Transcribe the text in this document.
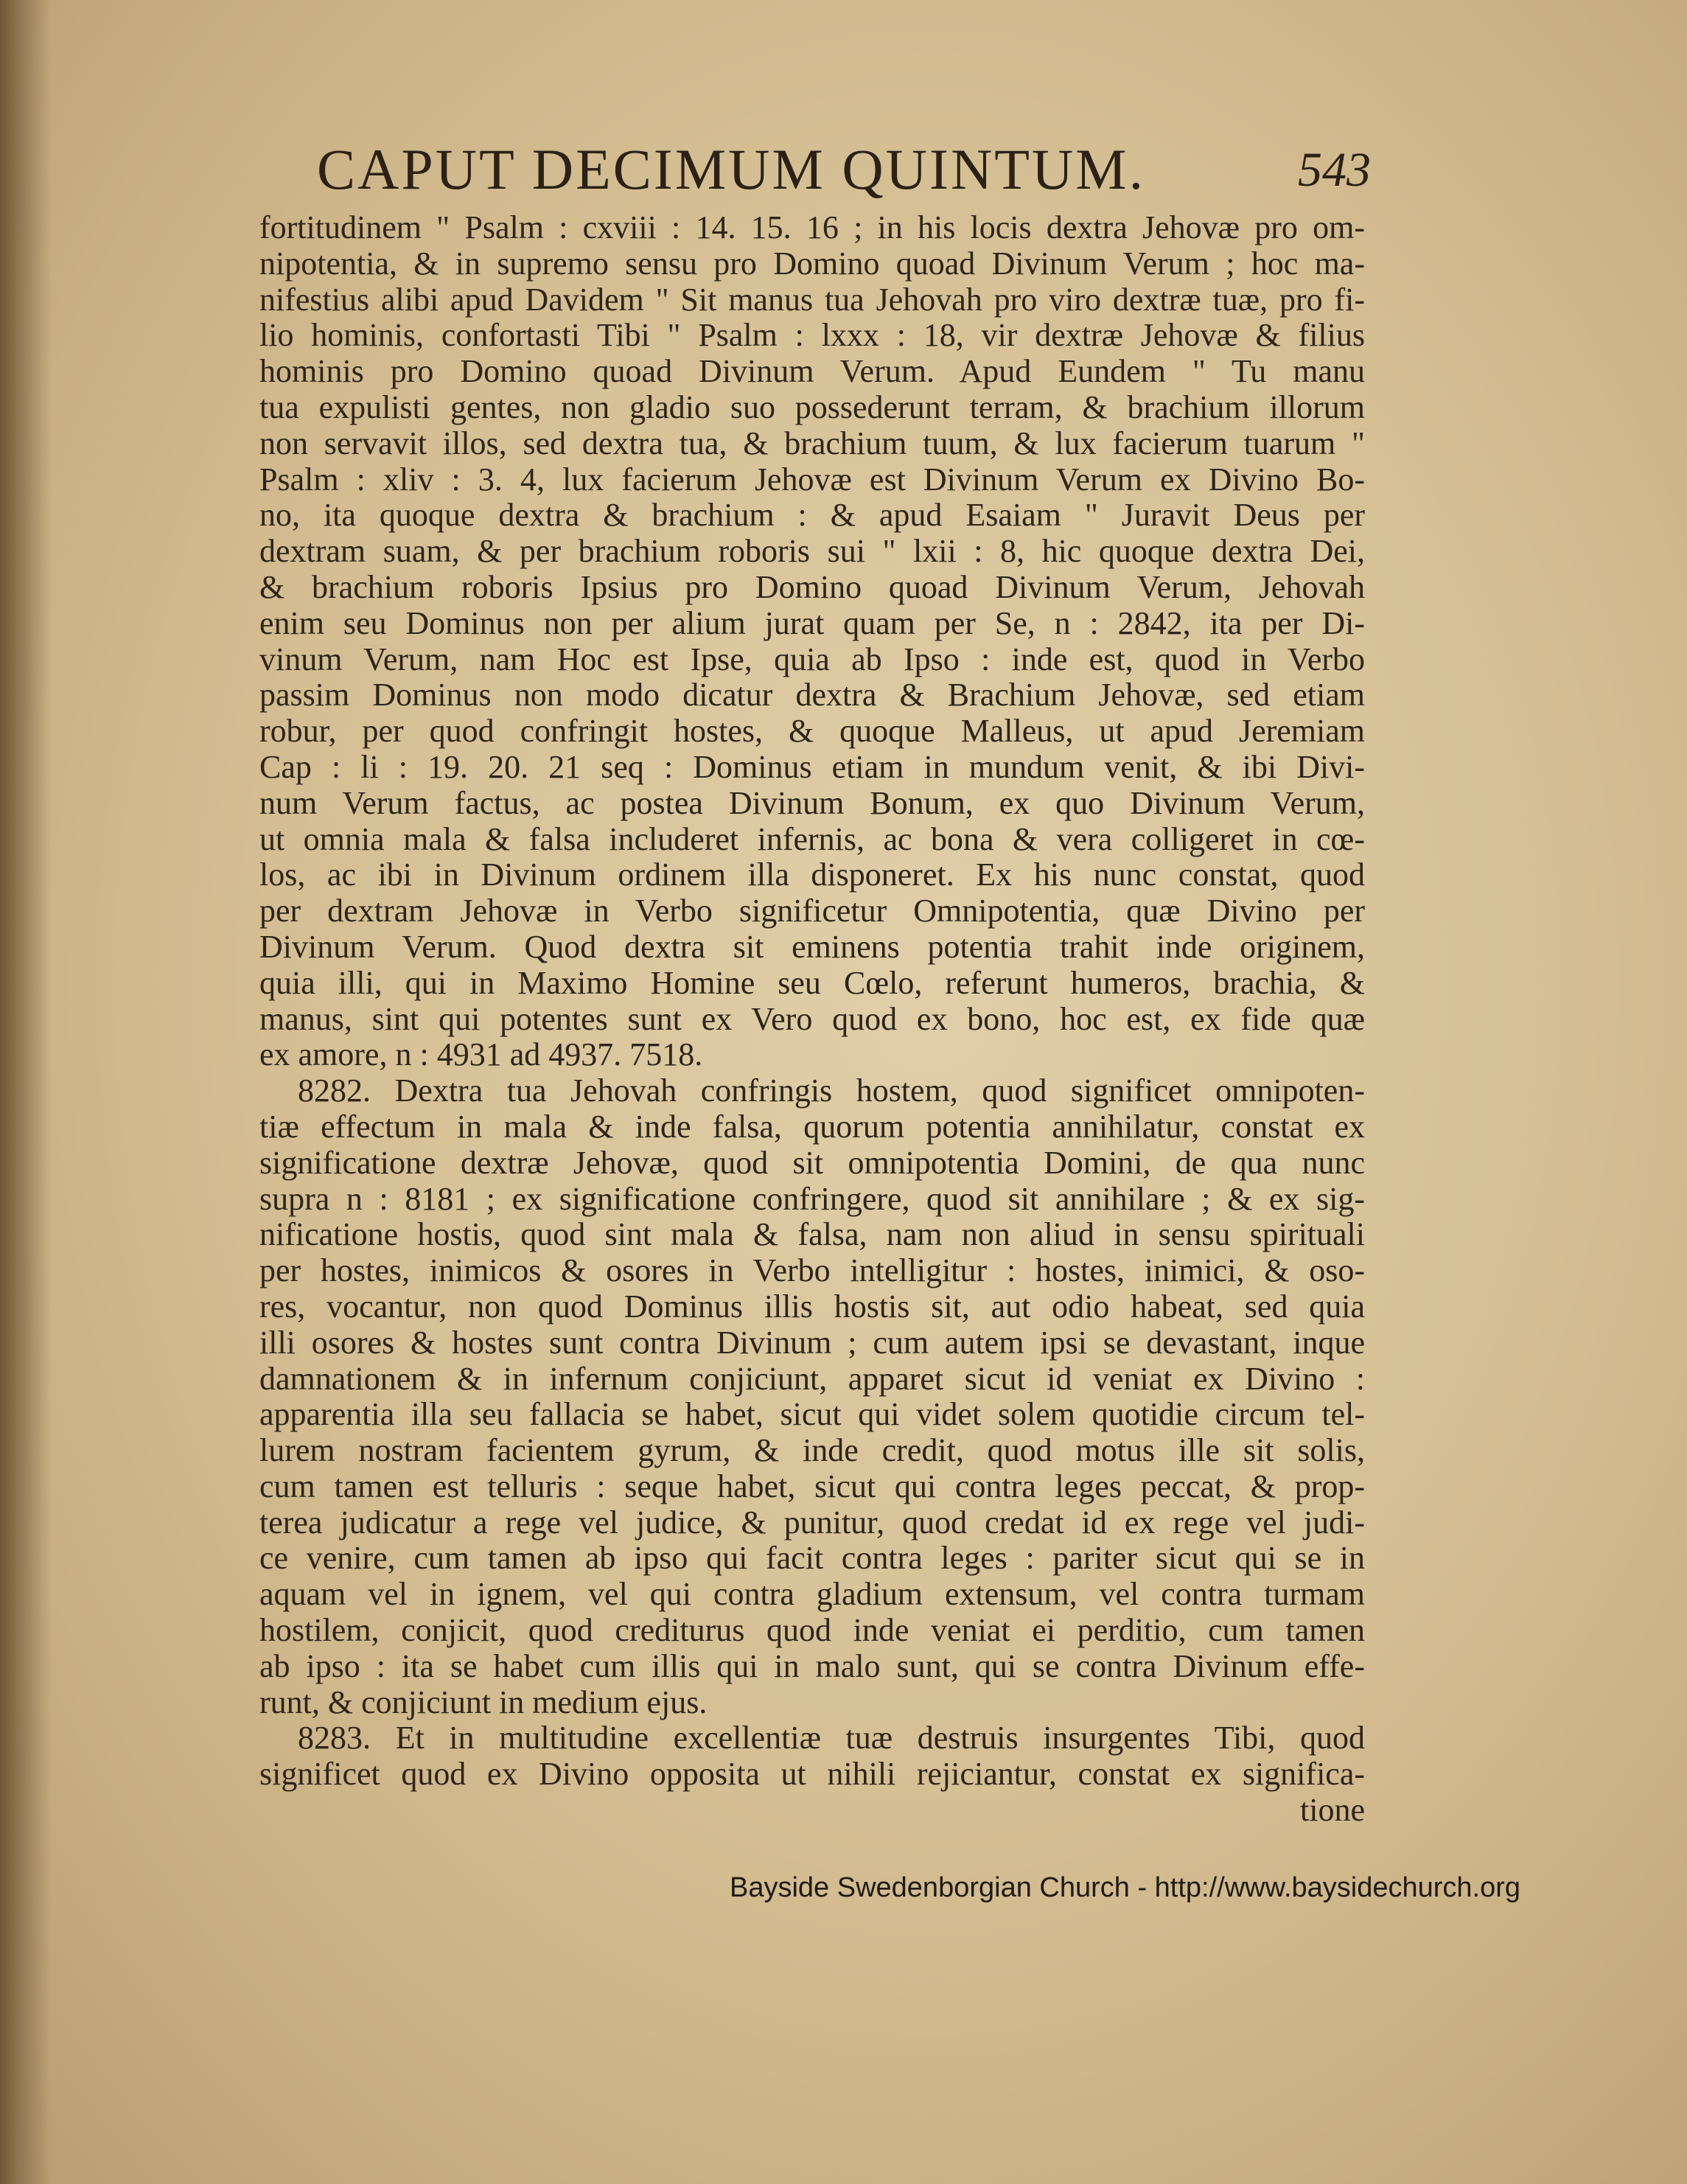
CAPUT DECIMUM QUINTUM.	543
fortitudinem " Psalm : cxviii : 14. 15. 16 ; in his locis dextra Jehovæ pro om-
nipotentia, & in supremo sensu pro Domino quoad Divinum Verum ; hoc ma-
nifestius alibi apud Davidem " Sit manus tua Jehovah pro viro dextræ tuæ, pro fi-
lio hominis, confortasti Tibi " Psalm : lxxx : 18, vir dextræ Jehovæ & filius
hominis pro Domino quoad Divinum Verum. Apud Eundem " Tu manu
tua expulisti gentes, non gladio suo possederunt terram, & brachium illorum
non servavit illos, sed dextra tua, & brachium tuum, & lux facierum tuarum "
Psalm : xliv : 3. 4, lux facierum Jehovæ est Divinum Verum ex Divino Bo-
no, ita quoque dextra & brachium : & apud Esaiam " Juravit Deus per
dextram suam, & per brachium roboris sui " lxii : 8, hic quoque dextra Dei,
& brachium roboris Ipsius pro Domino quoad Divinum Verum, Jehovah
enim seu Dominus non per alium jurat quam per Se, n : 2842, ita per Di-
vinum Verum, nam Hoc est Ipse, quia ab Ipso : inde est, quod in Verbo
passim Dominus non modo dicatur dextra & Brachium Jehovæ, sed etiam
robur, per quod confringit hostes, & quoque Malleus, ut apud Jeremiam
Cap : li : 19. 20. 21 seq : Dominus etiam in mundum venit, & ibi Divi-
num Verum factus, ac postea Divinum Bonum, ex quo Divinum Verum,
ut omnia mala & falsa includeret infernis, ac bona & vera colligeret in cœ-
los, ac ibi in Divinum ordinem illa disponeret. Ex his nunc constat, quod
per dextram Jehovæ in Verbo significetur Omnipotentia, quæ Divino per
Divinum Verum. Quod dextra sit eminens potentia trahit inde originem,
quia illi, qui in Maximo Homine seu Cœlo, referunt humeros, brachia, &
manus, sint qui potentes sunt ex Vero quod ex bono, hoc est, ex fide quæ
ex amore, n : 4931 ad 4937. 7518.
8282. Dextra tua Jehovah confringis hostem, quod significet omnipoten-
tiæ effectum in mala & inde falsa, quorum potentia annihilatur, constat ex
significatione dextræ Jehovæ, quod sit omnipotentia Domini, de qua nunc
supra n : 8181 ; ex significatione confringere, quod sit annihilare ; & ex sig-
nificatione hostis, quod sint mala & falsa, nam non aliud in sensu spirituali
per hostes, inimicos & osores in Verbo intelligitur : hostes, inimici, & oso-
res, vocantur, non quod Dominus illis hostis sit, aut odio habeat, sed quia
illi osores & hostes sunt contra Divinum ; cum autem ipsi se devastant, inque
damnationem & in infernum conjiciunt, apparet sicut id veniat ex Divino :
apparentia illa seu fallacia se habet, sicut qui videt solem quotidie circum tel-
lurem nostram facientem gyrum, & inde credit, quod motus ille sit solis,
cum tamen est telluris : seque habet, sicut qui contra leges peccat, & prop-
terea judicatur a rege vel judice, & punitur, quod credat id ex rege vel judi-
ce venire, cum tamen ab ipso qui facit contra leges : pariter sicut qui se in
aquam vel in ignem, vel qui contra gladium extensum, vel contra turmam
hostilem, conjicit, quod crediturus quod inde veniat ei perditio, cum tamen
ab ipso : ita se habet cum illis qui in malo sunt, qui se contra Divinum effe-
runt, & conjiciunt in medium ejus.
8283. Et in multitudine excellentiæ tuæ destruis insurgentes Tibi, quod
significet quod ex Divino opposita ut nihili rejiciantur, constat ex significa-
tione
Bayside Swedenborgian Church - http://www.baysidechurch.org
